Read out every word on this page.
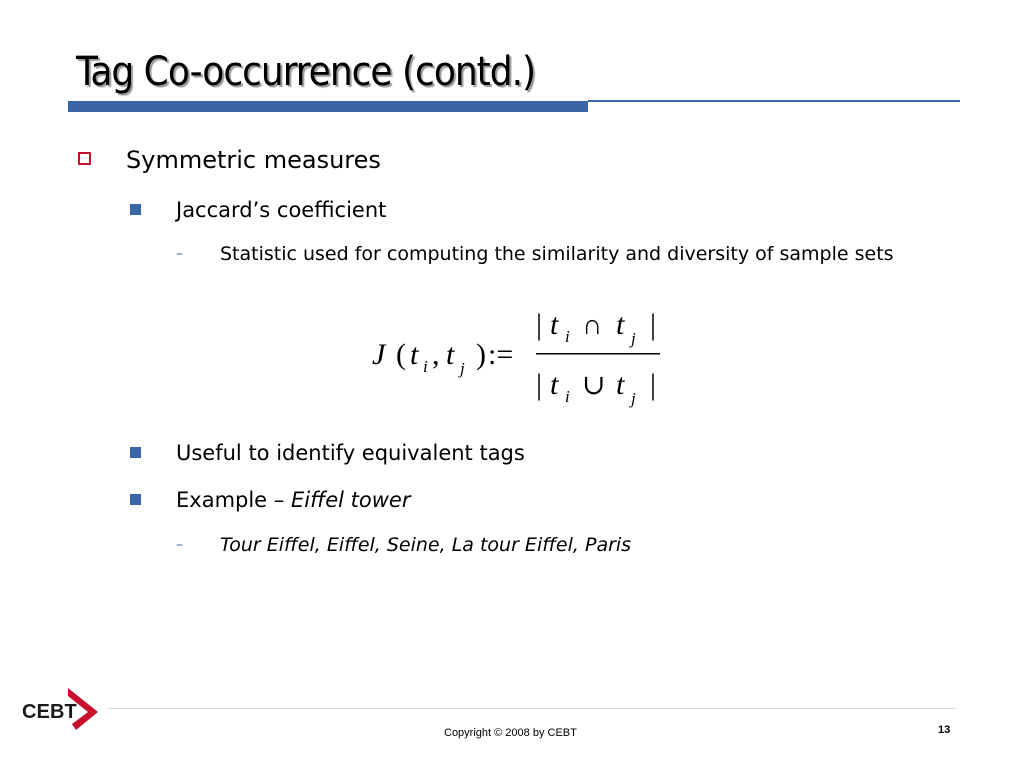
Tag Co-occurrence (contd.)
Symmetric measures
Jaccard’s coefficient
– Statistic used for computing the similarity and diversity of sample sets
J ( t i , t j ) :=
| t i ∩ t j |
| t i ∪ t j |
Useful to identify equivalent tags
Example – Eiffel tower
– Tour Eiffel, Eiffel, Seine, La tour Eiffel, Paris
CE BT
Copyright © 2008 by CEBT	13
